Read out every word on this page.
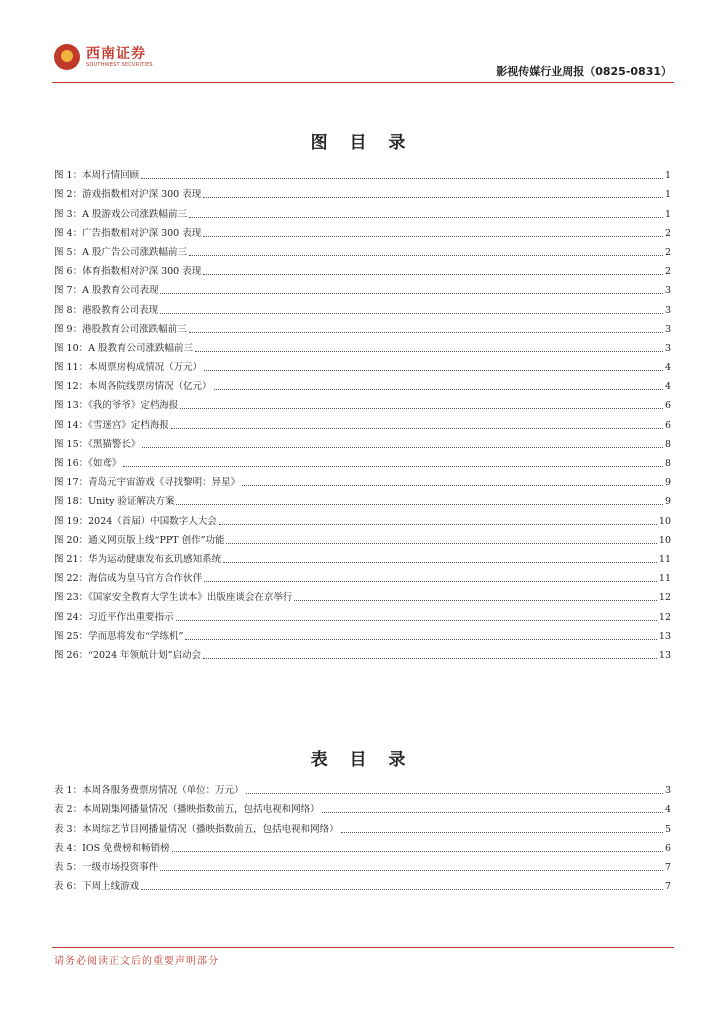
西南证券
SOUTHWEST SECURITIES
影视传媒行业周报（0825-0831）
图 目 录
图 1：本周行情回顾	1
图 2：游戏指数相对沪深 300 表现	1
图 3：A 股游戏公司涨跌幅前三	1
图 4：广告指数相对沪深 300 表现	2
图 5：A 股广告公司涨跌幅前三	2
图 6：体育指数相对沪深 300 表现	2
图 7：A 股教育公司表现	3
图 8：港股教育公司表现	3
图 9：港股教育公司涨跌幅前三	3
图 10：A 股教育公司涨跌幅前三	3
图 11：本周票房构成情况（万元）	4
图 12：本周各院线票房情况（亿元）	4
图 13：《我的爷爷》定档海报	6
图 14：《雪迷宫》定档海报	6
图 15：《黑猫警长》	8
图 16：《如鸢》	8
图 17：青岛元宇宙游戏《寻找黎明：异星》	9
图 18：Unity 验证解决方案	9
图 19：2024（首届）中国数字人大会	10
图 20：通义网页版上线“PPT 创作”功能	10
图 21：华为运动健康发布玄玑感知系统	11
图 22：海信成为皇马官方合作伙伴	11
图 23：《国家安全教育大学生读本》出版座谈会在京举行	12
图 24：习近平作出重要指示	12
图 25：学而思将发布“学练机”	13
图 26：“2024 年领航计划”启动会	13
表 目 录
表 1：本周各服务费票房情况（单位：万元）	3
表 2：本周剧集网播量情况（播映指数前五，包括电视和网络）	4
表 3：本周综艺节目网播量情况（播映指数前五，包括电视和网络）	5
表 4：IOS 免费榜和畅销榜	6
表 5：一级市场投资事件	7
表 6：下周上线游戏	7
请务必阅读正文后的重要声明部分
